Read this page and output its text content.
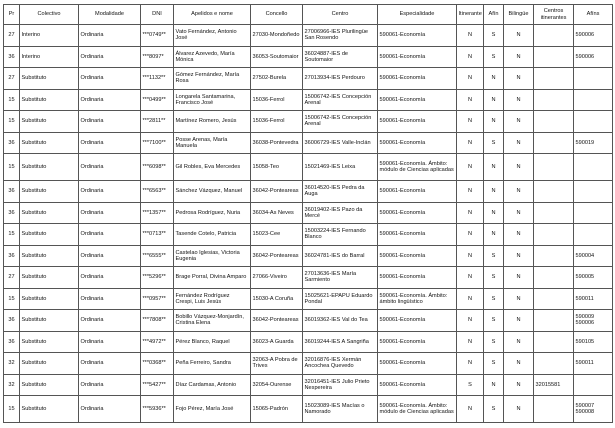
Pr	Colectivo	Modalidade	DNI	Apelidos e nome	Concello	Centro	Especialidade	Itinerante	Afín	Bilingüe	Centros itinerantes	Afíns
27	Interino	Ordinaria	***0749**	Vato Fernández, Antonio José	27030-Mondoñedo	27006966-IES Plurilingüe San Rosendo	590061-Economía	N	S	N		590006
36	Interino	Ordinaria	***8097*	Álvarez Azevedo, María Mónica	36053-Soutomaior	36024887-IES de Soutomaior	590061-Economía	N	S	N		590006
27	Substituto	Ordinaria	***1132**	Gómez Fernández, María Rosa	27502-Burela	27013934-IES Perdouro	590061-Economía	N	N	N		
15	Substituto	Ordinaria	***0499**	Longarela Santamarina, Francisco José	15036-Ferrol	15006742-IES Concepción Arenal	590061-Economía	N	N	N		
15	Substituto	Ordinaria	***2811**	Martínez Romero, Jesús	15036-Ferrol	15006742-IES Concepción Arenal	590061-Economía	N	N	N		
36	Substituto	Ordinaria	***7100**	Posse Arenas, María Manuela	36038-Pontevedra	36006729-IES Valle-Inclán	590061-Economía	N	S	N		590019
15	Substituto	Ordinaria	***6098**	Gil Robles, Eva Mercedes	15058-Teo	15021469-IES Leixa	590061-Economía. Ámbito: módulo de Ciencias aplicadas	N	N	N		
36	Substituto	Ordinaria	***6563**	Sánchez Vázquez, Manuel	36042-Ponteareas	36014520-IES Pedra da Auga	590061-Economía	N	N	N		
36	Substituto	Ordinaria	***1357**	Pedrosa Rodríguez, Nuria	36034-As Neves	36019402-IES Pazo da Mercé	590061-Economía	N	N	N		
15	Substituto	Ordinaria	***0713**	Tasende Cotelo, Patricia	15023-Cee	15003224-IES Fernando Blanco	590061-Economía	N	N	N		
36	Substituto	Ordinaria	***6555**	Castelao Iglesias, Victoria Eugenia	36042-Ponteareas	36024781-IES do Barral	590061-Economía	N	S	N		590004
27	Substituto	Ordinaria	***5296**	Brage Porral, Divina Amparo	27066-Viveiro	27013636-IES María Sarmiento	590061-Economía	N	S	N		590005
15	Substituto	Ordinaria	***0957**	Fernández Rodríguez Crespi, Luis Jesús	15030-A Coruña	15025621-EPAPU Eduardo Pondal	590061-Economía. Ámbito: ámbito lingüístico	N	S	N		590011
36	Substituto	Ordinaria	***7808**	Bobillo Vázquez-Monjardín, Cristina Elena	36042-Ponteareas	36019362-IES Val do Tea	590061-Economía	N	S	N		590009
590006
36	Substituto	Ordinaria	***4972**	Pérez Blanco, Raquel	36023-A Guarda	36019244-IES A Sangriña	590061-Economía	N	S	N		590105
32	Substituto	Ordinaria	***0368**	Peña Ferreiro, Sandra	32063-A Pobra de Trives	32016876-IES Xermán Ancochea Quevedo	590061-Economía	N	S	N		590011
32	Substituto	Ordinaria	***5427**	Díaz Cardamas, Antonio	32054-Ourense	32016451-IES Julio Prieto Nespereira	590061-Economía	S	N	N	32015581	
15	Substituto	Ordinaria	***5936**	Fojo Pérez, María José	15065-Padrón	15023089-IES Macías o Namorado	590061-Economía. Ámbito: módulo de Ciencias aplicadas	N	S	N		590007
590008
